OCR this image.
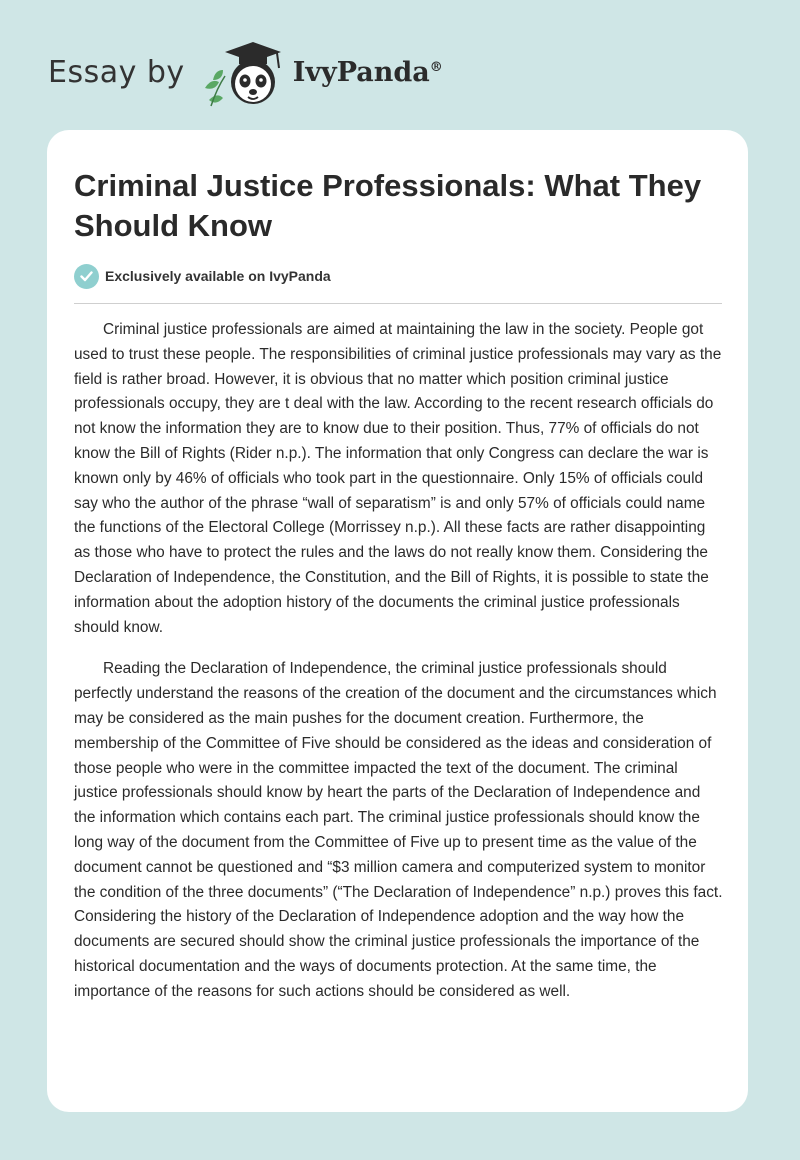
Essay by	IvyPanda®
Criminal Justice Professionals: What They Should Know
Exclusively available on IvyPanda

Criminal justice professionals are aimed at maintaining the law in the society. People got used to trust these people. The responsibilities of criminal justice professionals may vary as the field is rather broad. However, it is obvious that no matter which position criminal justice professionals occupy, they are t deal with the law. According to the recent research officials do not know the information they are to know due to their position. Thus, 77% of officials do not know the Bill of Rights (Rider n.p.). The information that only Congress can declare the war is known only by 46% of officials who took part in the questionnaire. Only 15% of officials could say who the author of the phrase “wall of separatism” is and only 57% of officials could name the functions of the Electoral College (Morrissey n.p.). All these facts are rather disappointing as those who have to protect the rules and the laws do not really know them. Considering the Declaration of Independence, the Constitution, and the Bill of Rights, it is possible to state the information about the adoption history of the documents the criminal justice professionals should know.

Reading the Declaration of Independence, the criminal justice professionals should perfectly understand the reasons of the creation of the document and the circumstances which may be considered as the main pushes for the document creation. Furthermore, the membership of the Committee of Five should be considered as the ideas and consideration of those people who were in the committee impacted the text of the document. The criminal justice professionals should know by heart the parts of the Declaration of Independence and the information which contains each part. The criminal justice professionals should know the long way of the document from the Committee of Five up to present time as the value of the document cannot be questioned and “$3 million camera and computerized system to monitor the condition of the three documents” (“The Declaration of Independence” n.p.) proves this fact. Considering the history of the Declaration of Independence adoption and the way how the documents are secured should show the criminal justice professionals the importance of the historical documentation and the ways of documents protection. At the same time, the importance of the reasons for such actions should be considered as well.
